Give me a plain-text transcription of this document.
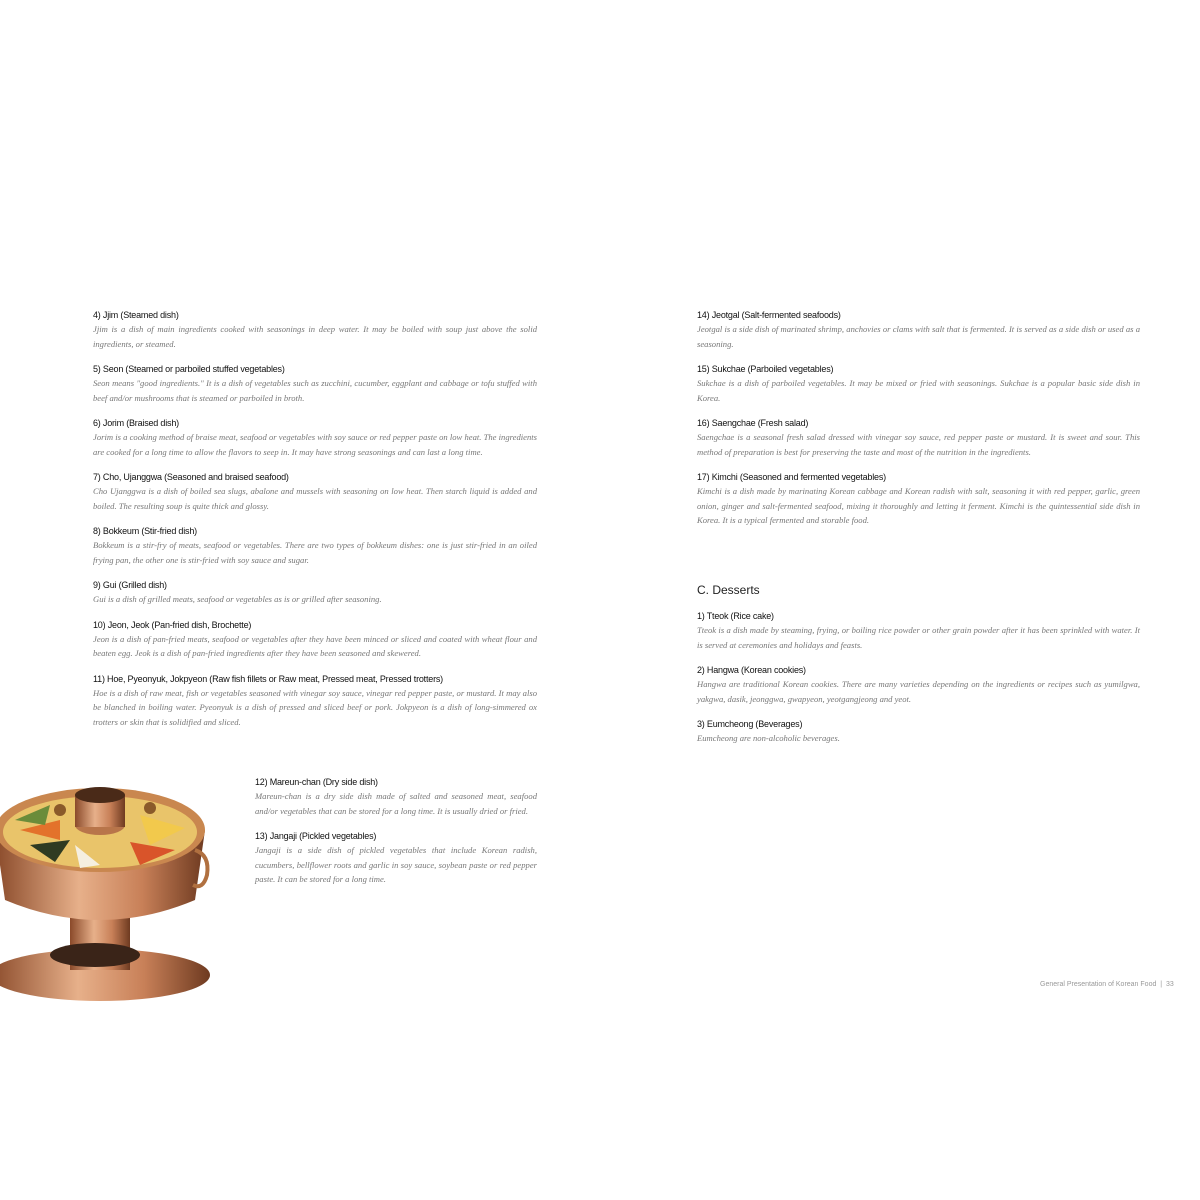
4) Jjim (Steamed dish)

Jjim is a dish of main ingredients cooked with seasonings in deep water. It may be boiled with soup just above the solid ingredients, or steamed.

5) Seon (Steamed or parboiled stuffed vegetables)

Seon means "good ingredients." It is a dish of vegetables such as zucchini, cucumber, eggplant and cabbage or tofu stuffed with beef and/or mushrooms that is steamed or parboiled in broth.

6) Jorim (Braised dish)

Jorim is a cooking method of braise meat, seafood or vegetables with soy sauce or red pepper paste on low heat. The ingredients are cooked for a long time to allow the flavors to seep in. It may have strong seasonings and can last a long time.

7) Cho, Ujanggwa (Seasoned and braised seafood)

Cho Ujanggwa is a dish of boiled sea slugs, abalone and mussels with seasoning on low heat. Then starch liquid is added and boiled. The resulting soup is quite thick and glossy.

8) Bokkeum (Stir-fried dish)

Bokkeum is a stir-fry of meats, seafood or vegetables. There are two types of bokkeum dishes: one is just stir-fried in an oiled frying pan, the other one is stir-fried with soy sauce and sugar.

9) Gui (Grilled dish)

Gui is a dish of grilled meats, seafood or vegetables as is or grilled after seasoning.

10) Jeon, Jeok (Pan-fried dish, Brochette)

Jeon is a dish of pan-fried meats, seafood or vegetables after they have been minced or sliced and coated with wheat flour and beaten egg. Jeok is a dish of pan-fried ingredients after they have been seasoned and skewered.

11) Hoe, Pyeonyuk, Jokpyeon (Raw fish fillets or Raw meat, Pressed meat, Pressed trotters)

Hoe is a dish of raw meat, fish or vegetables seasoned with vinegar soy sauce, vinegar red pepper paste, or mustard. It may also be blanched in boiling water. Pyeonyuk is a dish of pressed and sliced beef or pork. Jokpyeon is a dish of long-simmered ox trotters or skin that is solidified and sliced.

12) Mareun-chan (Dry side dish)

Mareun-chan is a dry side dish made of salted and seasoned meat, seafood and/or vegetables that can be stored for a long time. It is usually dried or fried.

13) Jangaji (Pickled vegetables)

Jangaji is a side dish of pickled vegetables that include Korean radish, cucumbers, bellflower roots and garlic in soy sauce, soybean paste or red pepper paste. It can be stored for a long time.

14) Jeotgal (Salt-fermented seafoods)

Jeotgal is a side dish of marinated shrimp, anchovies or clams with salt that is fermented. It is served as a side dish or used as a seasoning.

15) Sukchae (Parboiled vegetables)

Sukchae is a dish of parboiled vegetables. It may be mixed or fried with seasonings. Sukchae is a popular basic side dish in Korea.

16) Saengchae (Fresh salad)

Saengchae is a seasonal fresh salad dressed with vinegar soy sauce, red pepper paste or mustard. It is sweet and sour. This method of preparation is best for preserving the taste and most of the nutrition in the ingredients.

17) Kimchi (Seasoned and fermented vegetables)

Kimchi is a dish made by marinating Korean cabbage and Korean radish with salt, seasoning it with red pepper, garlic, green onion, ginger and salt-fermented seafood, mixing it thoroughly and letting it ferment. Kimchi is the quintessential side dish in Korea. It is a typical fermented and storable food.

C. Desserts
1) Tteok (Rice cake)

Tteok is a dish made by steaming, frying, or boiling rice powder or other grain powder after it has been sprinkled with water. It is served at ceremonies and holidays and feasts.

2) Hangwa (Korean cookies)

Hangwa are traditional Korean cookies. There are many varieties depending on the ingredients or recipes such as yumilgwa, yakgwa, dasik, jeonggwa, gwapyeon, yeotgangjeong and yeot.

3) Eumcheong (Beverages)

Eumcheong are non-alcoholic beverages.

General Presentation of Korean Food  |  33
